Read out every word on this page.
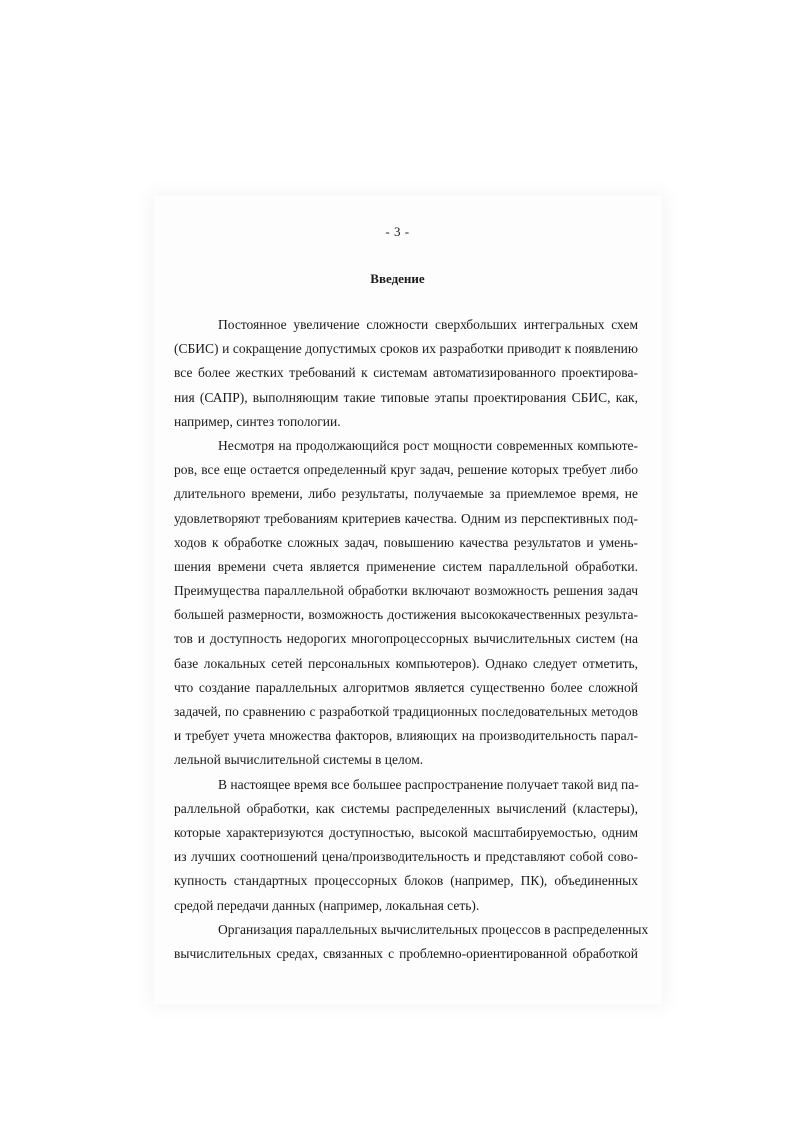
- 3 -
Введение
Постоянное увеличение сложности сверхбольших интегральных схем
(СБИС) и сокращение допустимых сроков их разработки приводит к появлению
все более жестких требований к системам автоматизированного проектирова-
ния (САПР), выполняющим такие типовые этапы проектирования СБИС, как,
например, синтез топологии.
Несмотря на продолжающийся рост мощности современных компьюте-
ров, все еще остается определенный круг задач, решение которых требует либо
длительного времени, либо результаты, получаемые за приемлемое время, не
удовлетворяют требованиям критериев качества. Одним из перспективных под-
ходов к обработке сложных задач, повышению качества результатов и умень-
шения времени счета является применение систем параллельной обработки.
Преимущества параллельной обработки включают возможность решения задач
большей размерности, возможность достижения высококачественных результа-
тов и доступность недорогих многопроцессорных вычислительных систем (на
базе локальных сетей персональных компьютеров). Однако следует отметить,
что создание параллельных алгоритмов является существенно более сложной
задачей, по сравнению с разработкой традиционных последовательных методов
и требует учета множества факторов, влияющих на производительность парал-
лельной вычислительной системы в целом.
В настоящее время все большее распространение получает такой вид па-
раллельной обработки, как системы распределенных вычислений (кластеры),
которые характеризуются доступностью, высокой масштабируемостью, одним
из лучших соотношений цена/производительность и представляют собой сово-
купность стандартных процессорных блоков (например, ПК), объединенных
средой передачи данных (например, локальная сеть).
Организация параллельных вычислительных процессов в распределенных
вычислительных средах, связанных с проблемно-ориентированной обработкой
